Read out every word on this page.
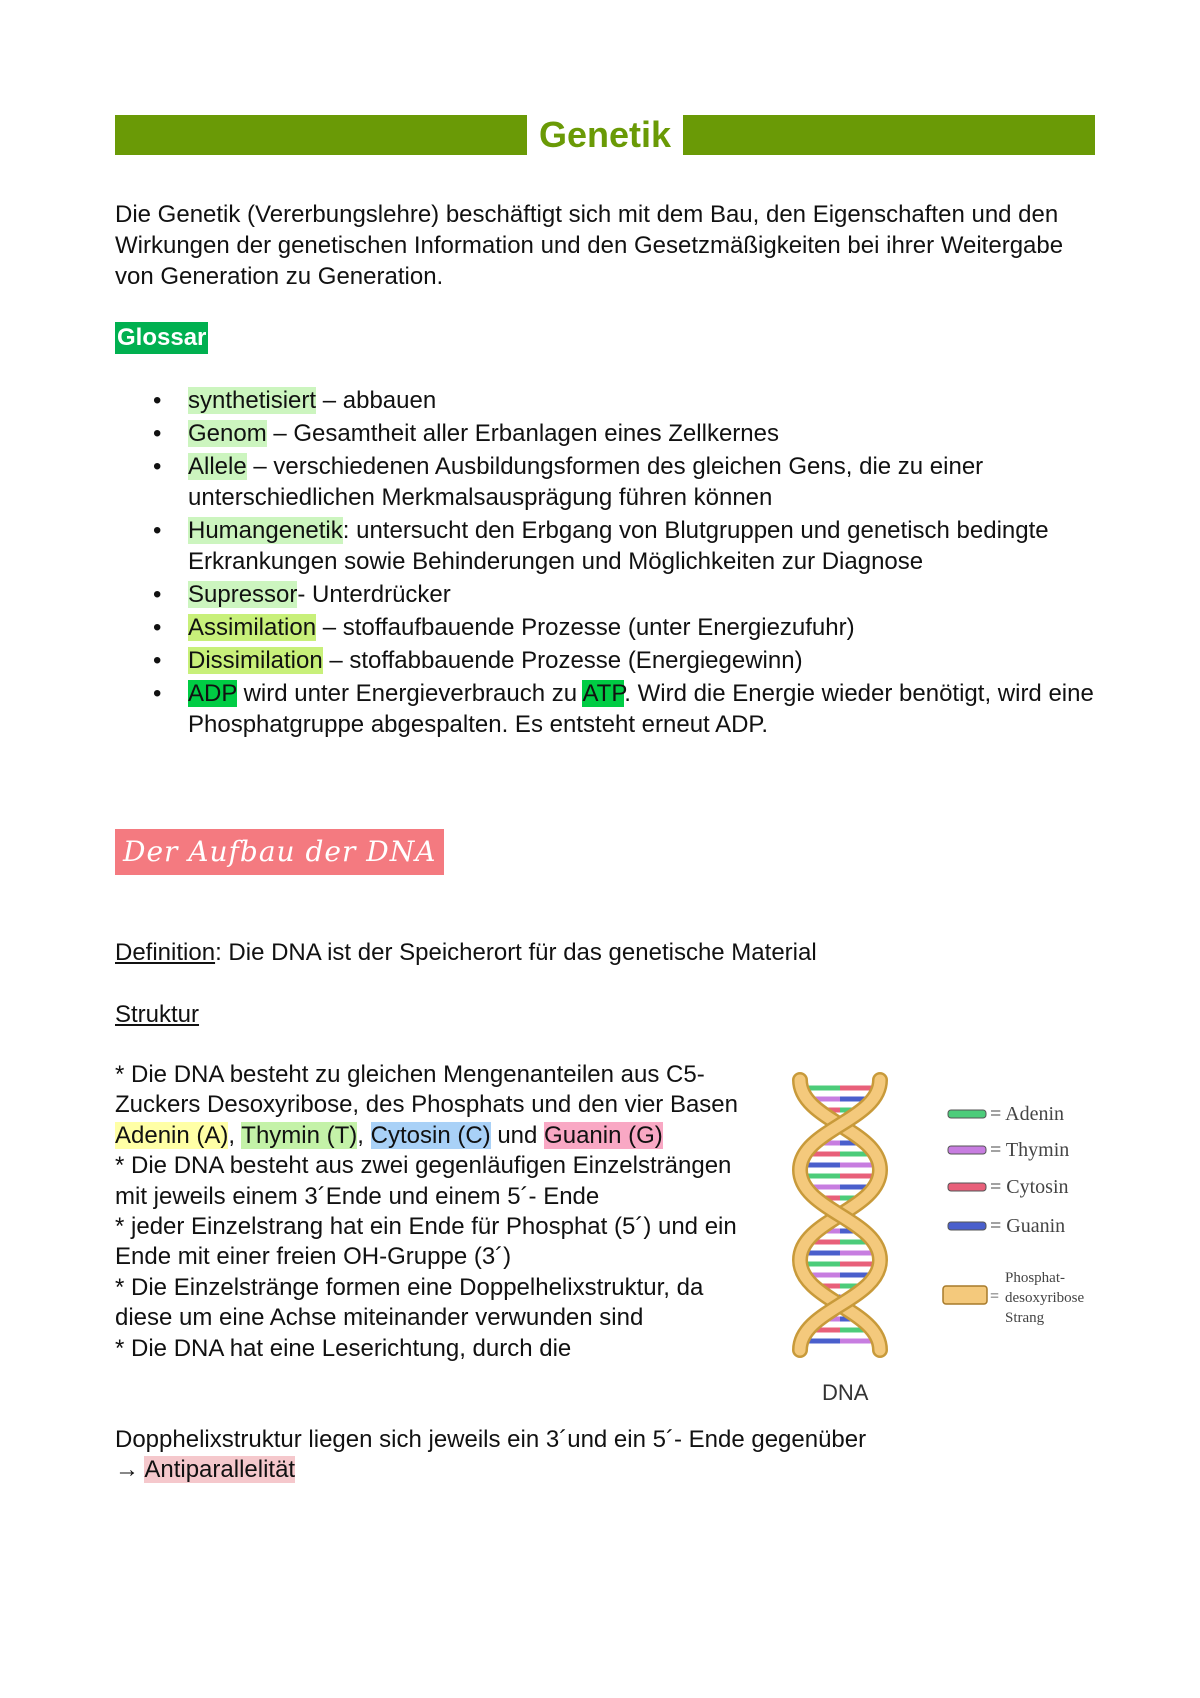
Genetik

Die Genetik (Vererbungslehre) beschäftigt sich mit dem Bau, den Eigenschaften und den Wirkungen der genetischen Information und den Gesetzmäßigkeiten bei ihrer Weitergabe von Generation zu Generation.

Glossar
• synthetisiert – abbauen
• Genom – Gesamtheit aller Erbanlagen eines Zellkernes
• Allele – verschiedenen Ausbildungsformen des gleichen Gens, die zu einer unterschiedlichen Merkmalsausprägung führen können
• Humangenetik: untersucht den Erbgang von Blutgruppen und genetisch bedingte Erkrankungen sowie Behinderungen und Möglichkeiten zur Diagnose
• Supressor- Unterdrücker
• Assimilation – stoffaufbauende Prozesse (unter Energiezufuhr)
• Dissimilation – stoffabbauende Prozesse (Energiegewinn)
• ADP wird unter Energieverbrauch zu ATP. Wird die Energie wieder benötigt, wird eine Phosphatgruppe abgespalten. Es entsteht erneut ADP.
Der Aufbau der DNA

Definition: Die DNA ist der Speicherort für das genetische Material

Struktur

* Die DNA besteht zu gleichen Mengenanteilen aus C5- Zuckers Desoxyribose, des Phosphats und den vier Basen Adenin (A), Thymin (T), Cytosin (C) und Guanin (G)

* Die DNA besteht aus zwei gegenläufigen Einzelsträngen mit jeweils einem 3´Ende und einem 5´- Ende

* jeder Einzelstrang hat ein Ende für Phosphat (5´) und ein Ende mit einer freien OH-Gruppe (3´)

* Die Einzelstränge formen eine Doppelhelixstruktur, da diese um eine Achse miteinander verwunden sind

* Die DNA hat eine Leserichtung, durch die

Dopphelixstruktur liegen sich jeweils ein 3´und ein 5´- Ende gegenüber

→ Antiparallelität

DNA
= Adenin
= Thymin
= Cytosin
= Guanin
=
Phosphat-
desoxyribose
Strang
